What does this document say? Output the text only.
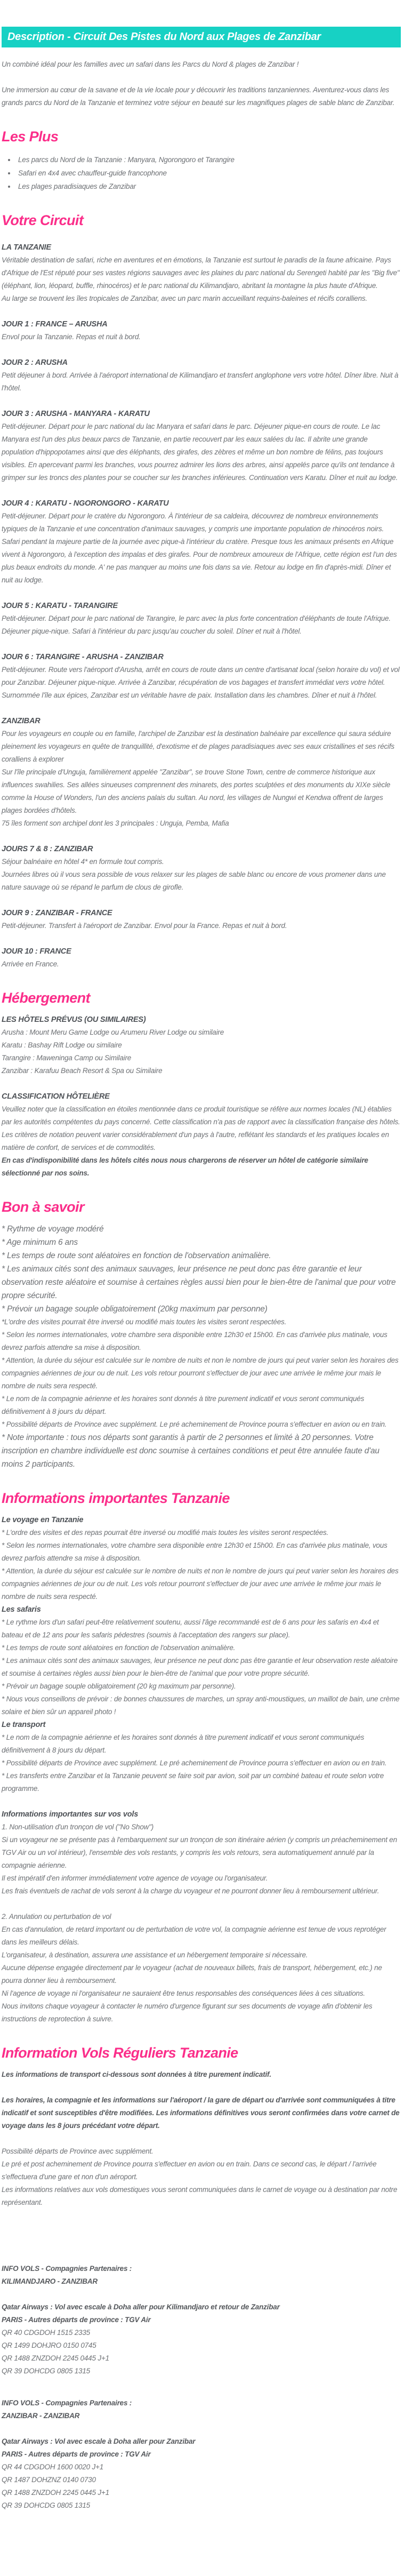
Description - Circuit Des Pistes du Nord aux Plages de Zanzibar

Un combiné idéal pour les familles avec un safari dans les Parcs du Nord & plages de Zanzibar !

Une immersion au cœur de la savane et de la vie locale pour y découvrir les traditions tanzaniennes. Aventurez-vous dans les grands parcs du Nord de la Tanzanie et terminez votre séjour en beauté sur les magnifiques plages de sable blanc de Zanzibar.

Les Plus
• Les parcs du Nord de la Tanzanie : Manyara, Ngorongoro et Tarangire
• Safari en 4x4 avec chauffeur-guide francophone
• Les plages paradisiaques de Zanzibar
Votre Circuit

LA TANZANIE

Véritable destination de safari, riche en aventures et en émotions, la Tanzanie est surtout le paradis de la faune africaine. Pays d'Afrique de l'Est réputé pour ses vastes régions sauvages avec les plaines du parc national du Serengeti habité par les "Big five" (éléphant, lion, léopard, buffle, rhinocéros) et le parc national du Kilimandjaro, abritant la montagne la plus haute d'Afrique.

Au large se trouvent les îles tropicales de Zanzibar, avec un parc marin accueillant requins-baleines et récifs coralliens.

JOUR 1 : FRANCE – ARUSHA

Envol pour la Tanzanie. Repas et nuit à bord.

JOUR 2 : ARUSHA

Petit déjeuner à bord. Arrivée à l'aéroport international de Kilimandjaro et transfert anglophone vers votre hôtel. Dîner libre. Nuit à l'hôtel.

JOUR 3 : ARUSHA - MANYARA - KARATU

Petit-déjeuner. Départ pour le parc national du lac Manyara et safari dans le parc. Déjeuner pique-en cours de route. Le lac Manyara est l'un des plus beaux parcs de Tanzanie, en partie recouvert par les eaux salées du lac. Il abrite une grande population d'hippopotames ainsi que des éléphants, des girafes, des zèbres et même un bon nombre de félins, pas toujours visibles. En apercevant parmi les branches, vous pourrez admirer les lions des arbres, ainsi appelés parce qu'ils ont tendance à grimper sur les troncs des plantes pour se coucher sur les branches inférieures. Continuation vers Karatu. Dîner et nuit au lodge.

JOUR 4 : KARATU - NGORONGORO - KARATU

Petit-déjeuner. Départ pour le cratère du Ngorongoro. À l'intérieur de sa caldeira, découvrez de nombreux environnements typiques de la Tanzanie et une concentration d'animaux sauvages, y compris une importante population de rhinocéros noirs. Safari pendant la majeure partie de la journée avec pique-à l'intérieur du cratère. Presque tous les animaux présents en Afrique vivent à Ngorongoro, à l'exception des impalas et des girafes. Pour de nombreux amoureux de l'Afrique, cette région est l'un des plus beaux endroits du monde. A' ne pas manquer au moins une fois dans sa vie. Retour au lodge en fin d'après-midi. Dîner et nuit au lodge.

JOUR 5 : KARATU - TARANGIRE

Petit-déjeuner. Départ pour le parc national de Tarangire, le parc avec la plus forte concentration d'éléphants de toute l'Afrique. Déjeuner pique-nique. Safari à l'intérieur du parc jusqu'au coucher du soleil. Dîner et nuit à l'hôtel.

JOUR 6 : TARANGIRE - ARUSHA - ZANZIBAR

Petit-déjeuner. Route vers l'aéroport d'Arusha, arrêt en cours de route dans un centre d'artisanat local (selon horaire du vol) et vol pour Zanzibar. Déjeuner pique-nique. Arrivée à Zanzibar, récupération de vos bagages et transfert immédiat vers votre hôtel. Surnommée l'île aux épices, Zanzibar est un véritable havre de paix. Installation dans les chambres. Dîner et nuit à l'hôtel.

ZANZIBAR

Pour les voyageurs en couple ou en famille, l'archipel de Zanzibar est la destination balnéaire par excellence qui saura séduire pleinement les voyageurs en quête de tranquillité, d'exotisme et de plages paradisiaques avec ses eaux cristallines et ses récifs coralliens à explorer

Sur l'île principale d'Unguja, familièrement appelée "Zanzibar", se trouve Stone Town, centre de commerce historique aux influences swahilies. Ses allées sinueuses comprennent des minarets, des portes sculptées et des monuments du XIXe siècle comme la House of Wonders, l'un des anciens palais du sultan. Au nord, les villages de Nungwi et Kendwa offrent de larges plages bordées d'hôtels.

75 îles forment son archipel dont les 3 principales : Unguja, Pemba, Mafia

JOURS 7 & 8 : ZANZIBAR

Séjour balnéaire en hôtel 4* en formule tout compris.

Journées libres où il vous sera possible de vous relaxer sur les plages de sable blanc ou encore de vous promener dans une nature sauvage où se répand le parfum de clous de girofle.

JOUR 9 : ZANZIBAR - FRANCE

Petit-déjeuner. Transfert à l'aéroport de Zanzibar. Envol pour la France. Repas et nuit à bord.

JOUR 10 : FRANCE

Arrivée en France.

Hébergement

LES HÔTELS PRÉVUS (OU SIMILAIRES)

Arusha : Mount Meru Game Lodge ou Arumeru River Lodge ou similaire

Karatu : Bashay Rift Lodge ou similaire

Tarangire : Maweninga Camp ou Similaire

Zanzibar : Karafuu Beach Resort & Spa ou Similaire

CLASSIFICATION HÔTELIÈRE

Veuillez noter que la classification en étoiles mentionnée dans ce produit touristique se réfère aux normes locales (NL) établies par les autorités compétentes du pays concerné. Cette classification n'a pas de rapport avec la classification française des hôtels. Les critères de notation peuvent varier considérablement d'un pays à l'autre, reflétant les standards et les pratiques locales en matière de confort, de services et de commodités.

En cas d'indisponibilité dans les hôtels cités nous nous chargerons de réserver un hôtel de catégorie similaire sélectionné par nos soins.

Bon à savoir

* Rythme de voyage modéré

* Age minimum 6 ans

* Les temps de route sont aléatoires en fonction de l'observation animalière.

* Les animaux cités sont des animaux sauvages, leur présence ne peut donc pas être garantie et leur observation reste aléatoire et soumise à certaines règles aussi bien pour le bien-être de l'animal que pour votre propre sécurité.

* Prévoir un bagage souple obligatoirement (20kg maximum par personne)

*L'ordre des visites pourrait être inversé ou modifié mais toutes les visites seront respectées.

* Selon les normes internationales, votre chambre sera disponible entre 12h30 et 15h00. En cas d'arrivée plus matinale, vous devrez parfois attendre sa mise à disposition.

* Attention, la durée du séjour est calculée sur le nombre de nuits et non le nombre de jours qui peut varier selon les horaires des compagnies aériennes de jour ou de nuit. Les vols retour pourront s'effectuer de jour avec une arrivée le même jour mais le nombre de nuits sera respecté.

* Le nom de la compagnie aérienne et les horaires sont donnés à titre purement indicatif et vous seront communiqués définitivement à 8 jours du départ.

* Possibilité départs de Province avec supplément. Le pré acheminement de Province pourra s'effectuer en avion ou en train.

* Note importante : tous nos départs sont garantis à partir de 2 personnes et limité à 20 personnes. Votre inscription en chambre individuelle est donc soumise à certaines conditions et peut être annulée faute d'au moins 2 participants.

Informations importantes Tanzanie

Le voyage en Tanzanie

* L'ordre des visites et des repas pourrait être inversé ou modifié mais toutes les visites seront respectées.

* Selon les normes internationales, votre chambre sera disponible entre 12h30 et 15h00. En cas d'arrivée plus matinale, vous devrez parfois attendre sa mise à disposition.

* Attention, la durée du séjour est calculée sur le nombre de nuits et non le nombre de jours qui peut varier selon les horaires des compagnies aériennes de jour ou de nuit. Les vols retour pourront s'effectuer de jour avec une arrivée le même jour mais le nombre de nuits sera respecté.

Les safaris

* Le rythme lors d'un safari peut-être relativement soutenu, aussi l'âge recommandé est de 6 ans pour les safaris en 4x4 et bateau et de 12 ans pour les safaris pédestres (soumis à l'acceptation des rangers sur place).

* Les temps de route sont aléatoires en fonction de l'observation animalière.

* Les animaux cités sont des animaux sauvages, leur présence ne peut donc pas être garantie et leur observation reste aléatoire et soumise à certaines règles aussi bien pour le bien-être de l'animal que pour votre propre sécurité.

* Prévoir un bagage souple obligatoirement (20 kg maximum par personne).

* Nous vous conseillons de prévoir : de bonnes chaussures de marches, un spray anti-moustiques, un maillot de bain, une crème solaire et bien sûr un appareil photo !

Le transport

* Le nom de la compagnie aérienne et les horaires sont donnés à titre purement indicatif et vous seront communiqués définitivement à 8 jours du départ.

* Possibilité départs de Province avec supplément. Le pré acheminement de Province pourra s'effectuer en avion ou en train.

* Les transferts entre Zanzibar et la Tanzanie peuvent se faire soit par avion, soit par un combiné bateau et route selon votre programme.

Informations importantes sur vos vols

1. Non-utilisation d'un tronçon de vol ("No Show")

Si un voyageur ne se présente pas à l'embarquement sur un tronçon de son itinéraire aérien (y compris un préacheminement en TGV Air ou un vol intérieur), l'ensemble des vols restants, y compris les vols retours, sera automatiquement annulé par la compagnie aérienne.

Il est impératif d'en informer immédiatement votre agence de voyage ou l'organisateur.

Les frais éventuels de rachat de vols seront à la charge du voyageur et ne pourront donner lieu à remboursement ultérieur.

2. Annulation ou perturbation de vol

En cas d'annulation, de retard important ou de perturbation de votre vol, la compagnie aérienne est tenue de vous reprotéger dans les meilleurs délais.

L'organisateur, à destination, assurera une assistance et un hébergement temporaire si nécessaire.

Aucune dépense engagée directement par le voyageur (achat de nouveaux billets, frais de transport, hébergement, etc.) ne pourra donner lieu à remboursement.

Ni l'agence de voyage ni l'organisateur ne sauraient être tenus responsables des conséquences liées à ces situations.

Nous invitons chaque voyageur à contacter le numéro d'urgence figurant sur ses documents de voyage afin d'obtenir les instructions de reprotection à suivre.

Information Vols Réguliers Tanzanie

Les informations de transport ci-dessous sont données à titre purement indicatif.

Les horaires, la compagnie et les informations sur l'aéroport / la gare de départ ou d'arrivée sont communiquées à titre indicatif et sont susceptibles d'être modifiées. Les informations définitives vous seront confirmées dans votre carnet de voyage dans les 8 jours précédant votre départ.

Possibilité départs de Province avec supplément.

Le pré et post acheminement de Province pourra s'effectuer en avion ou en train. Dans ce second cas, le départ / l'arrivée s'effectuera d'une gare et non d'un aéroport.

Les informations relatives aux vols domestiques vous seront communiquées dans le carnet de voyage ou à destination par notre représentant.

INFO VOLS - Compagnies Partenaires :

KILIMANDJARO - ZANZIBAR

Qatar Airways : Vol avec escale à Doha aller pour Kilimandjaro et retour de Zanzibar

PARIS - Autres départs de province : TGV Air

QR 40 CDGDOH 1515 2335

QR 1499 DOHJRO 0150 0745

QR 1488 ZNZDOH 2245 0445 J+1

QR 39 DOHCDG 0805 1315

INFO VOLS - Compagnies Partenaires :

ZANZIBAR - ZANZIBAR

Qatar Airways : Vol avec escale à Doha aller pour Zanzibar

PARIS - Autres départs de province : TGV Air

QR 44 CDGDOH 1600 0020 J+1

QR 1487 DOHZNZ 0140 0730

QR 1488 ZNZDOH 2245 0445 J+1

QR 39 DOHCDG 0805 1315
